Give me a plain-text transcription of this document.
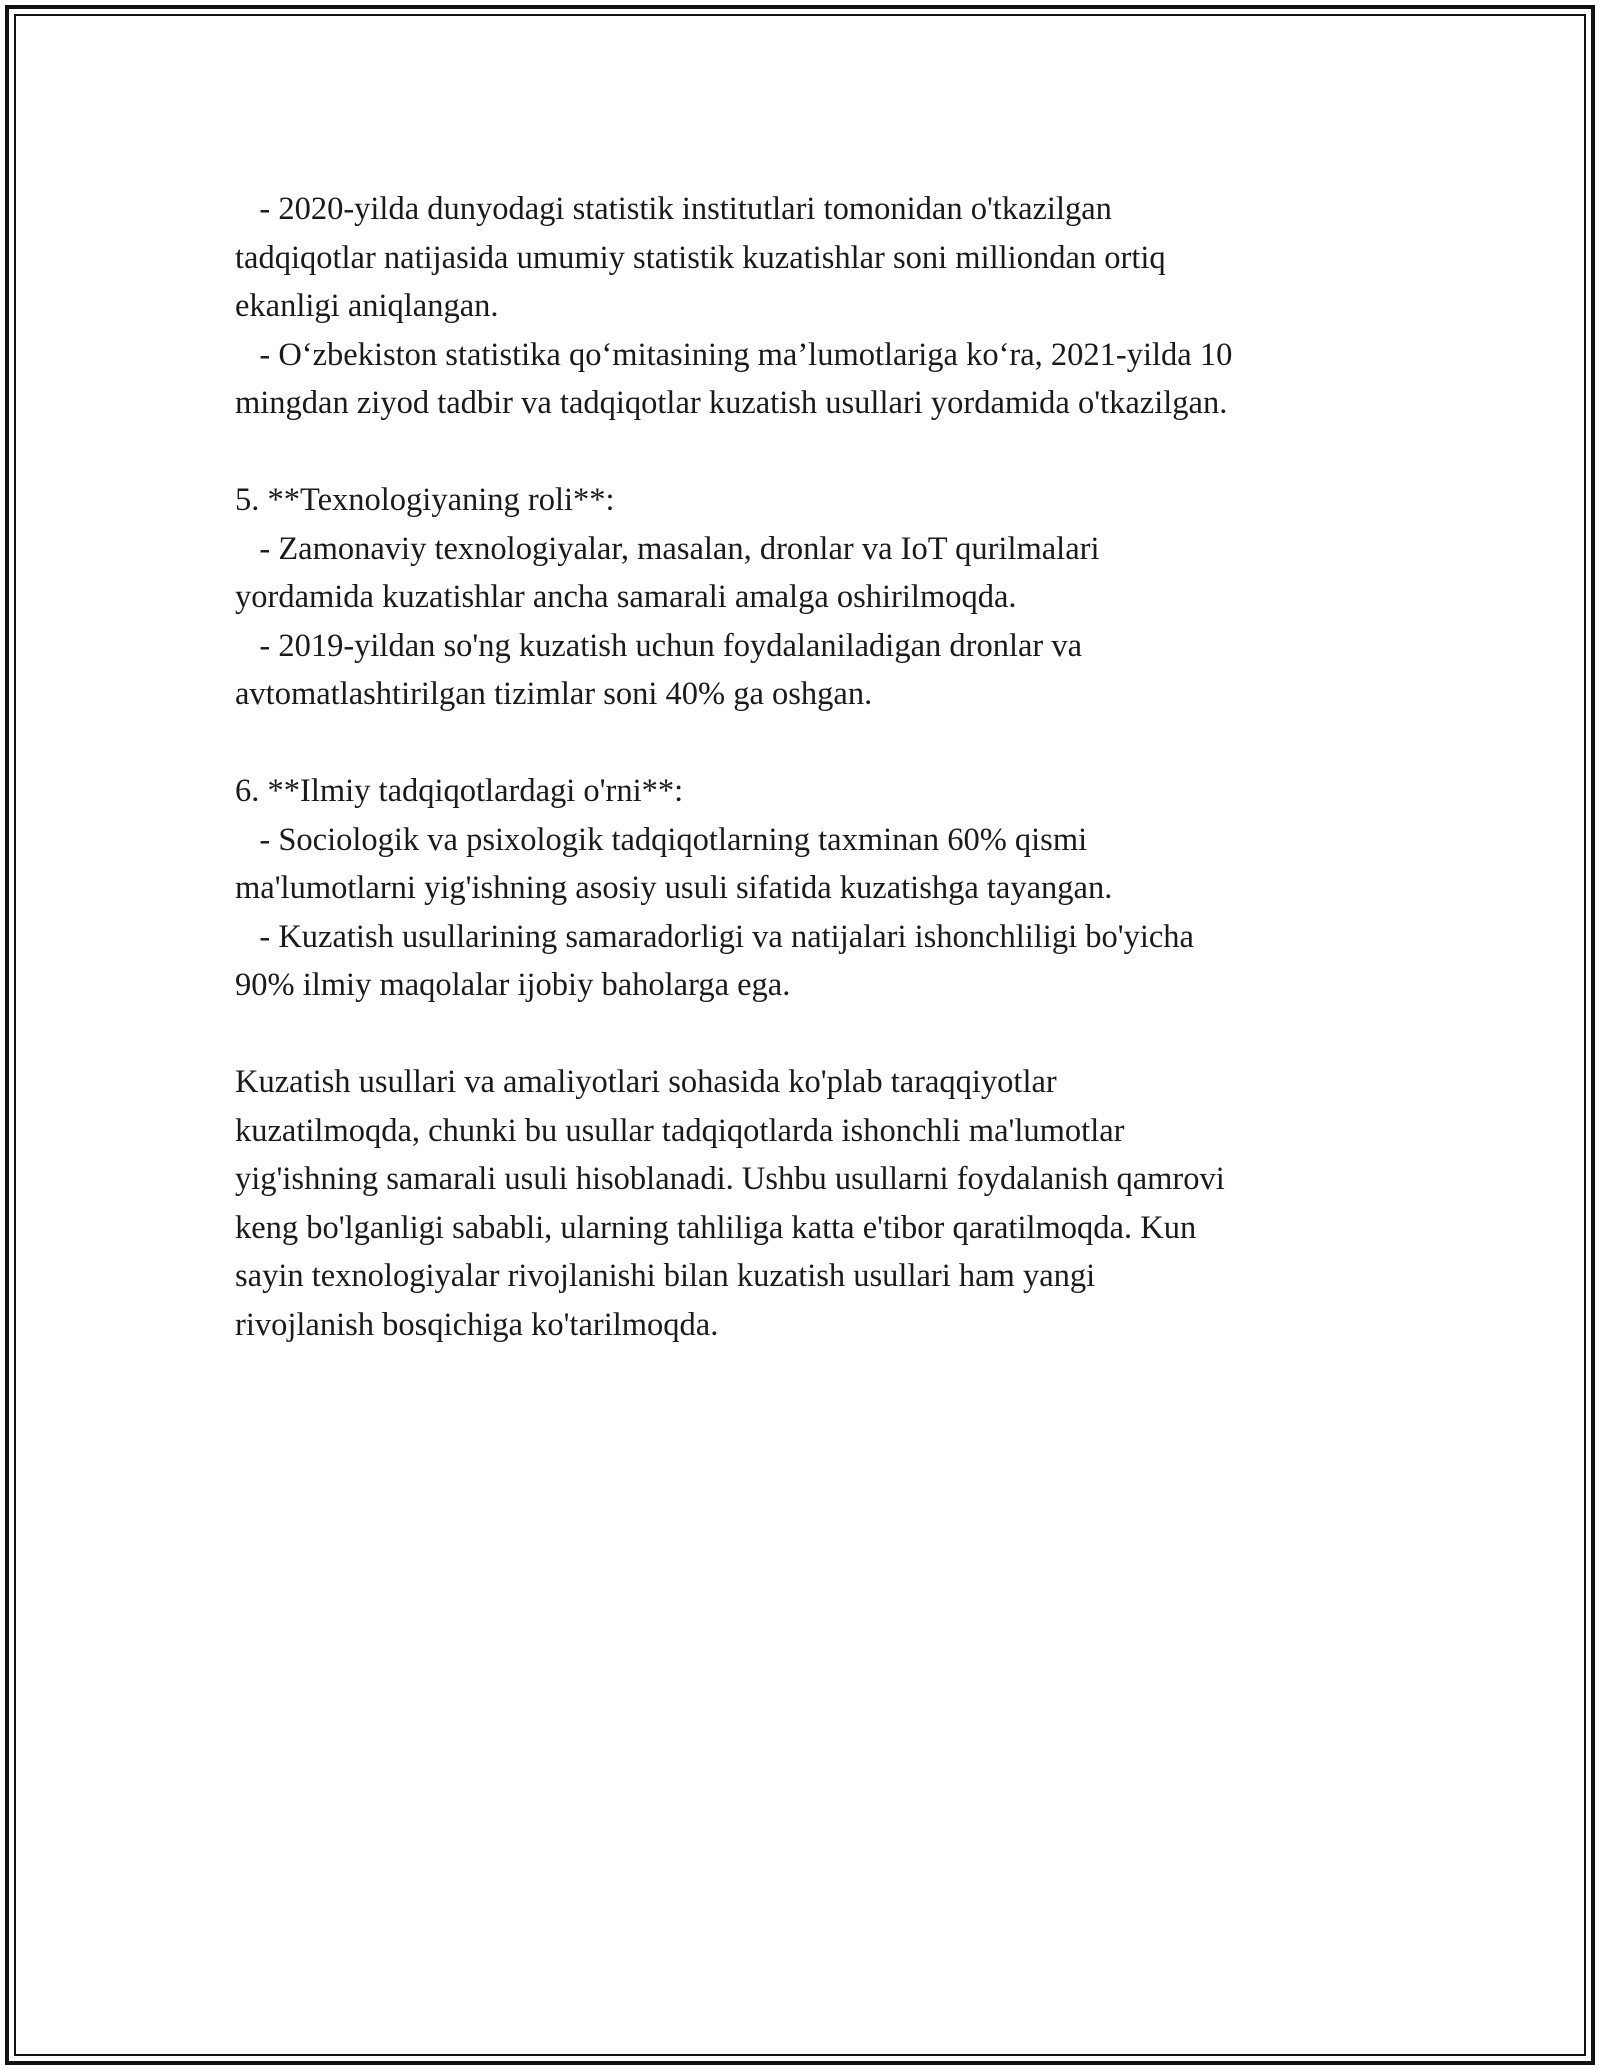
- 2020-yilda dunyodagi statistik institutlari tomonidan o'tkazilgan

tadqiqotlar natijasida umumiy statistik kuzatishlar soni milliondan ortiq

ekanligi aniqlangan.

- O‘zbekiston statistika qo‘mitasining ma’lumotlariga ko‘ra, 2021-yilda 10

mingdan ziyod tadbir va tadqiqotlar kuzatish usullari yordamida o'tkazilgan.

5. **Texnologiyaning roli**:

- Zamonaviy texnologiyalar, masalan, dronlar va IoT qurilmalari

yordamida kuzatishlar ancha samarali amalga oshirilmoqda.

- 2019-yildan so'ng kuzatish uchun foydalaniladigan dronlar va

avtomatlashtirilgan tizimlar soni 40% ga oshgan.

6. **Ilmiy tadqiqotlardagi o'rni**:

- Sociologik va psixologik tadqiqotlarning taxminan 60% qismi

ma'lumotlarni yig'ishning asosiy usuli sifatida kuzatishga tayangan.

- Kuzatish usullarining samaradorligi va natijalari ishonchliligi bo'yicha

90% ilmiy maqolalar ijobiy baholarga ega.

Kuzatish usullari va amaliyotlari sohasida ko'plab taraqqiyotlar

kuzatilmoqda, chunki bu usullar tadqiqotlarda ishonchli ma'lumotlar

yig'ishning samarali usuli hisoblanadi. Ushbu usullarni foydalanish qamrovi

keng bo'lganligi sababli, ularning tahliliga katta e'tibor qaratilmoqda. Kun

sayin texnologiyalar rivojlanishi bilan kuzatish usullari ham yangi

rivojlanish bosqichiga ko'tarilmoqda.
